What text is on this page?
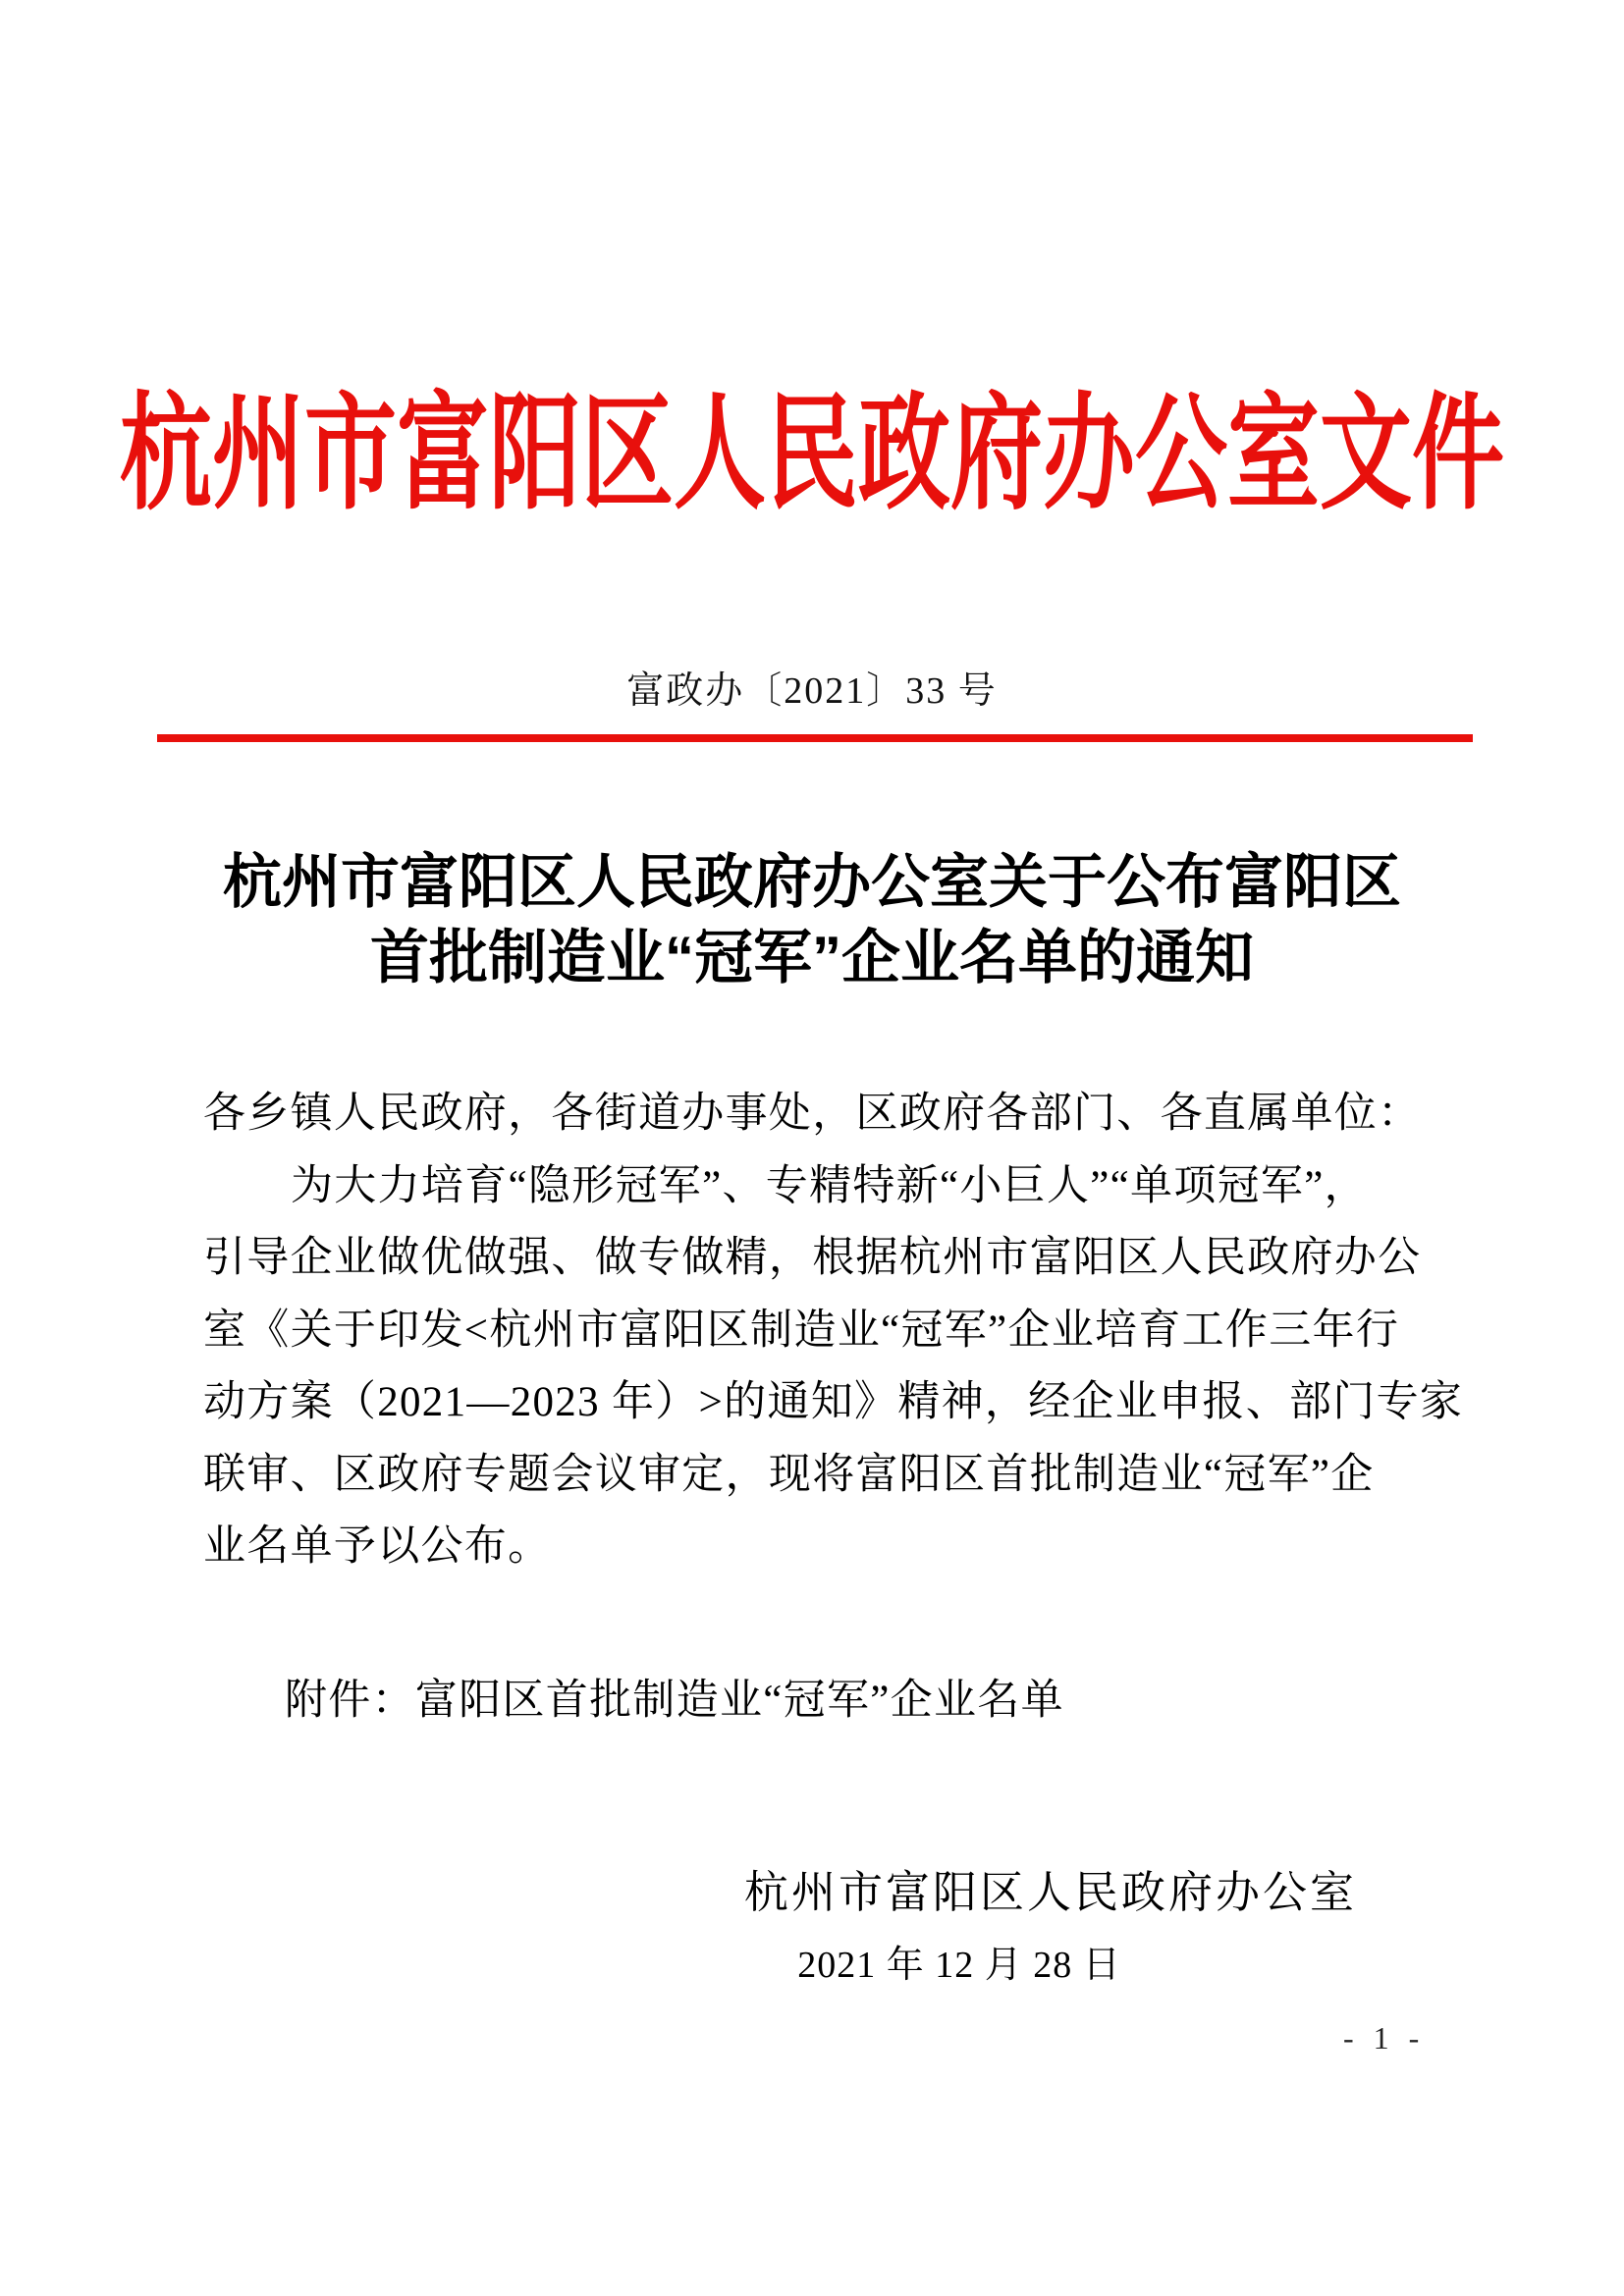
杭州市富阳区人民政府办公室文件
富政办〔2021〕33 号
杭州市富阳区人民政府办公室关于公布富阳区
首批制造业“冠军”企业名单的通知
各乡镇人民政府，各街道办事处，区政府各部门、各直属单位：
为大力培育“隐形冠军”、专精特新“小巨人”“单项冠军”，
引导企业做优做强、做专做精，根据杭州市富阳区人民政府办公
室《关于印发<杭州市富阳区制造业“冠军”企业培育工作三年行
动方案（2021—2023 年）>的通知》精神，经企业申报、部门专家
联审、区政府专题会议审定，现将富阳区首批制造业“冠军”企
业名单予以公布。
附件：富阳区首批制造业“冠军”企业名单
杭州市富阳区人民政府办公室
2021 年 12 月 28 日
- 1 -
